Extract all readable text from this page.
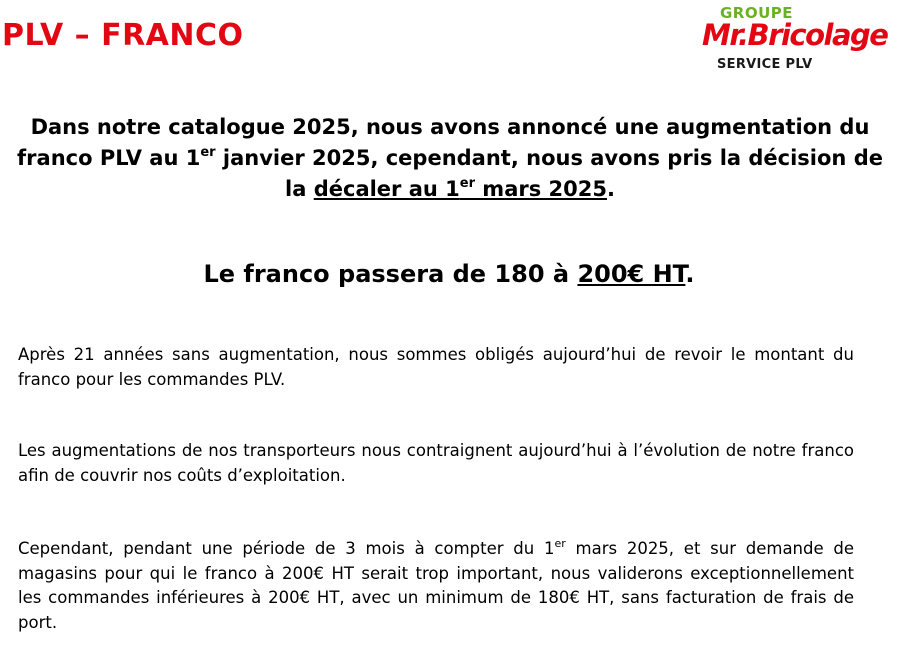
PLV – FRANCO
GROUPE
Mr.Bricolage
SERVICE PLV
Dans notre catalogue 2025, nous avons annoncé une augmentation du franco PLV au 1er janvier 2025, cependant, nous avons pris la décision de la décaler au 1er mars 2025.
Le franco passera de 180 à 200€ HT.
Après 21 années sans augmentation, nous sommes obligés aujourd’hui de revoir le montant du franco pour les commandes PLV.
Les augmentations de nos transporteurs nous contraignent aujourd’hui à l’évolution de notre franco afin de couvrir nos coûts d’exploitation.
Cependant, pendant une période de 3 mois à compter du 1er mars 2025, et sur demande de magasins pour qui le franco à 200€ HT serait trop important, nous validerons exceptionnellement les commandes inférieures à 200€ HT, avec un minimum de 180€ HT, sans facturation de frais de port.
